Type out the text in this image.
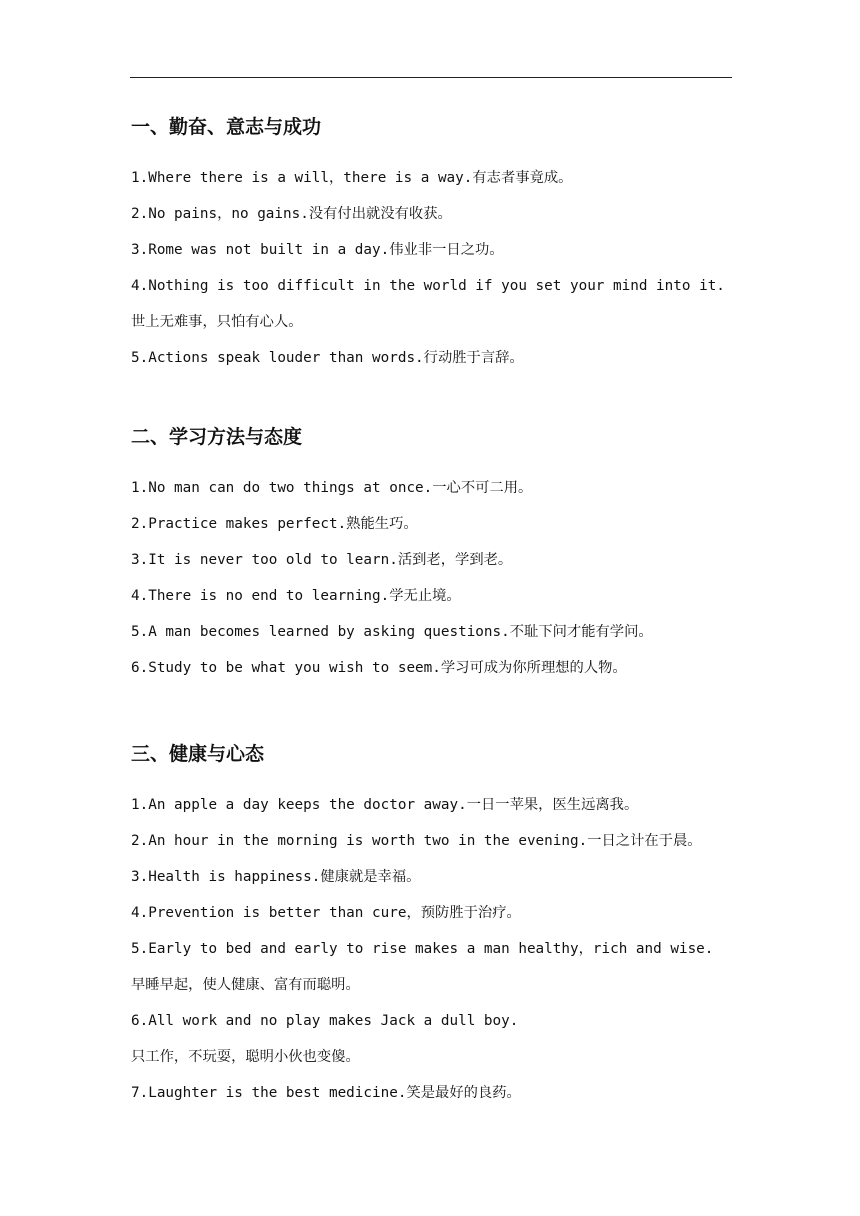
一、勤奋、意志与成功
1.Where there is a will，there is a way.有志者事竟成。
2.No pains，no gains.没有付出就没有收获。
3.Rome was not built in a day.伟业非一日之功。
4.Nothing is too difficult in the world if you set your mind into it.
世上无难事，只怕有心人。
5.Actions speak louder than words.行动胜于言辞。
二、学习方法与态度
1.No man can do two things at once.一心不可二用。
2.Practice makes perfect.熟能生巧。
3.It is never too old to learn.活到老，学到老。
4.There is no end to learning.学无止境。
5.A man becomes learned by asking questions.不耻下问才能有学问。
6.Study to be what you wish to seem.学习可成为你所理想的人物。
三、健康与心态
1.An apple a day keeps the doctor away.一日一苹果，医生远离我。
2.An hour in the morning is worth two in the evening.一日之计在于晨。
3.Health is happiness.健康就是幸福。
4.Prevention is better than cure，预防胜于治疗。
5.Early to bed and early to rise makes a man healthy，rich and wise.
早睡早起，使人健康、富有而聪明。
6.All work and no play makes Jack a dull boy.
只工作，不玩耍，聪明小伙也变傻。
7.Laughter is the best medicine.笑是最好的良药。
